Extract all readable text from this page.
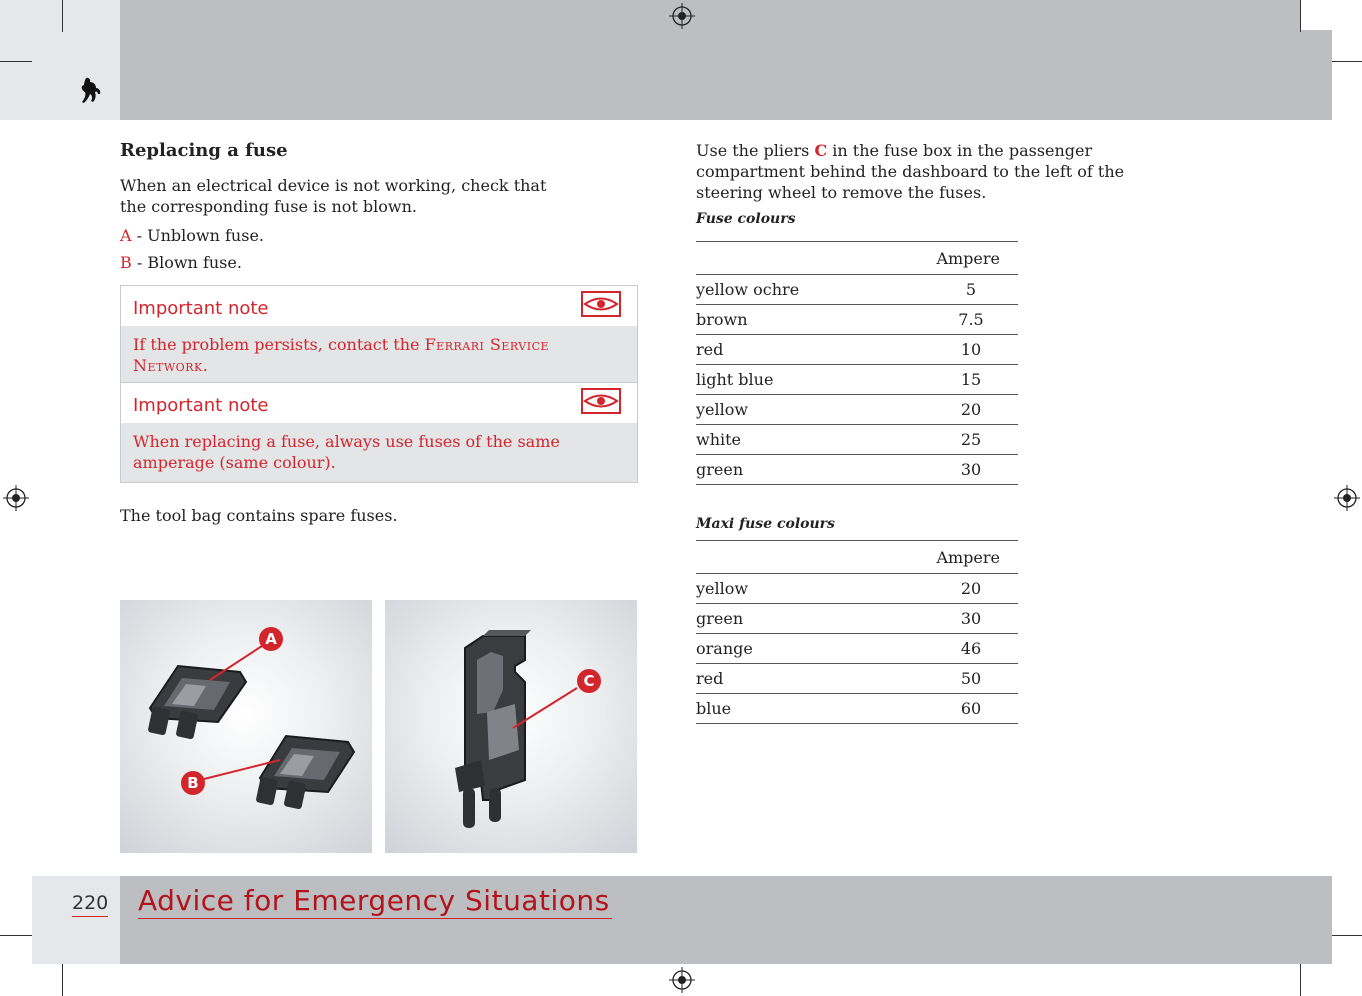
Replacing a fuse
When an electrical device is not working, check that the corresponding fuse is not blown.
A - Unblown fuse.
B - Blown fuse.
Important note
If the problem persists, contact the Ferrari Service Network.
Important note
When replacing a fuse, always use fuses of the same amperage (same colour).
The tool bag contains spare fuses.
A
B
C
Use the pliers C in the fuse box in the passenger compartment behind the dashboard to the left of the steering wheel to remove the fuses.
Fuse colours
Ampere	
yellow ochre	5
brown	7.5
red	10
light blue	15
yellow	20
white	25
green	30
Maxi fuse colours
Ampere	
yellow	20
green	30
orange	46
red	50
blue	60
220 Advice for Emergency Situations
